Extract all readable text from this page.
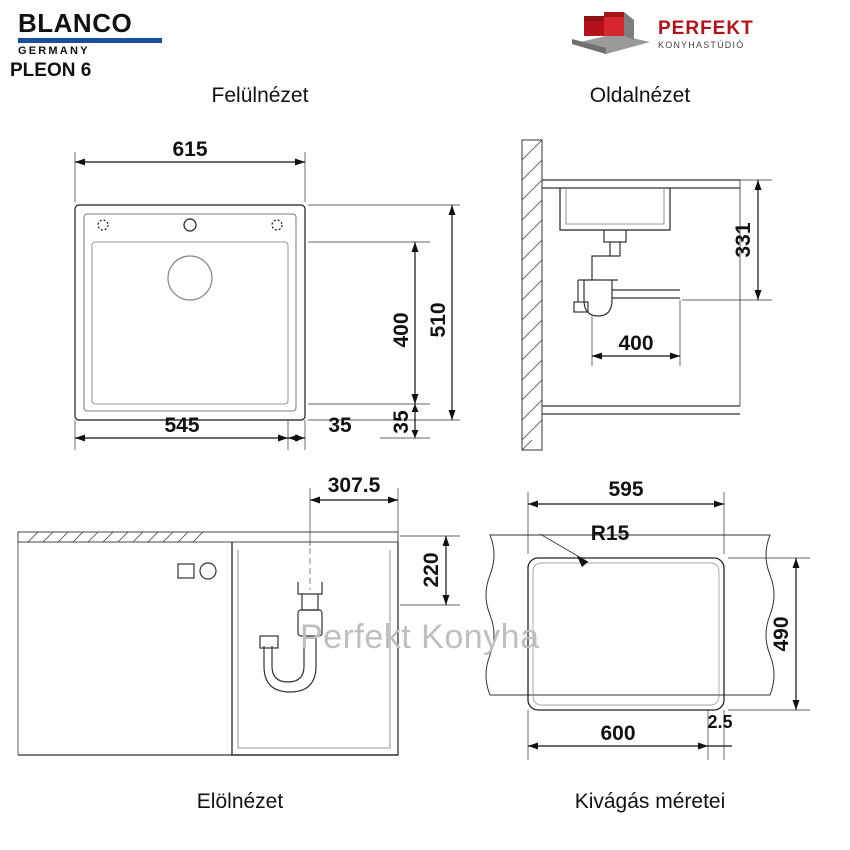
BLANCO
GERMANY
PLEON 6
PERFEKT
KONYHASTÚDIÓ
Felülnézet	Oldalnézet
Elölnézet	Kivágás méretei
615
545	35
400 510
35
331
400
307.5
220
595
490
600	2.5
R15
Perfekt Konyha
